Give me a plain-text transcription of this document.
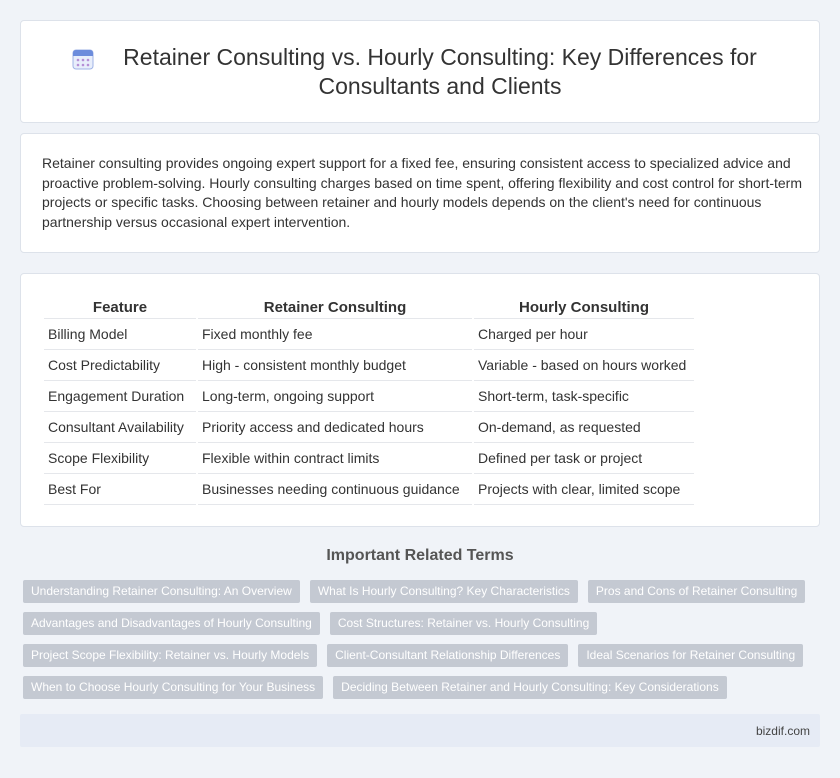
Retainer Consulting vs. Hourly Consulting: Key Differences for Consultants and Clients

Retainer consulting provides ongoing expert support for a fixed fee, ensuring consistent access to specialized advice and proactive problem-solving. Hourly consulting charges based on time spent, offering flexibility and cost control for short-term projects or specific tasks. Choosing between retainer and hourly models depends on the client's need for continuous partnership versus occasional expert intervention.

Feature	Retainer Consulting	Hourly Consulting
Billing Model	Fixed monthly fee	Charged per hour
Cost Predictability	High - consistent monthly budget	Variable - based on hours worked
Engagement Duration	Long-term, ongoing support	Short-term, task-specific
Consultant Availability	Priority access and dedicated hours	On-demand, as requested
Scope Flexibility	Flexible within contract limits	Defined per task or project
Best For	Businesses needing continuous guidance	Projects with clear, limited scope
Important Related Terms
Understanding Retainer Consulting: An Overview	What Is Hourly Consulting? Key Characteristics	Pros and Cons of Retainer Consulting
Advantages and Disadvantages of Hourly Consulting	Cost Structures: Retainer vs. Hourly Consulting
Project Scope Flexibility: Retainer vs. Hourly Models	Client-Consultant Relationship Differences	Ideal Scenarios for Retainer Consulting
When to Choose Hourly Consulting for Your Business	Deciding Between Retainer and Hourly Consulting: Key Considerations
bizdif.com
